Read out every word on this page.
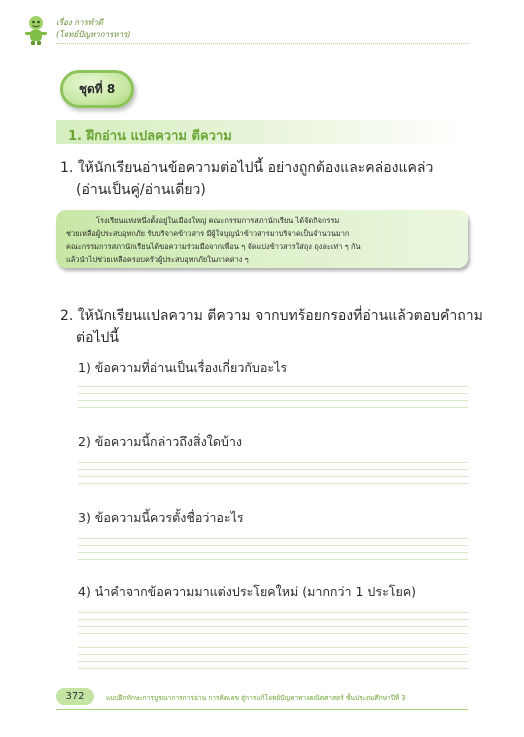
เรื่อง การทำดี
(โจทย์ปัญหาการหาร)
ชุดที่ 8
1. ฝึกอ่าน แปลความ ตีความ
1. ให้นักเรียนอ่านข้อความต่อไปนี้ อย่างถูกต้องและคล่องแคล่ว
(อ่านเป็นคู่/อ่านเดี่ยว)
โรงเรียนแห่งหนึ่งตั้งอยู่ในเมืองใหญ่ คณะกรรมการสภานักเรียน ได้จัดกิจกรรม
ช่วยเหลือผู้ประสบอุทกภัย รับบริจาคข้าวสาร มีผู้ใจบุญนำข้าวสารมาบริจาคเป็นจำนวนมาก
คณะกรรมการสภานักเรียนได้ขอความร่วมมือจากเพื่อน ๆ จัดแบ่งข้าวสารใส่ถุง ถุงละเท่า ๆ กัน
แล้วนำไปช่วยเหลือครอบครัวผู้ประสบอุทกภัยในภาคต่าง ๆ
2. ให้นักเรียนแปลความ ตีความ จากบทร้อยกรองที่อ่านแล้วตอบคำถาม
ต่อไปนี้
1) ข้อความที่อ่านเป็นเรื่องเกี่ยวกับอะไร
2) ข้อความนี้กล่าวถึงสิ่งใดบ้าง
3) ข้อความนี้ควรตั้งชื่อว่าอะไร
4) นำคำจากข้อความมาแต่งประโยคใหม่ (มากกว่า 1 ประโยค)
372	แบบฝึกทักษะการบูรณาการการอ่าน การคิดเลข สู่การแก้โจทย์ปัญหาทางคณิตศาสตร์ ชั้นประถมศึกษาปีที่ 3
